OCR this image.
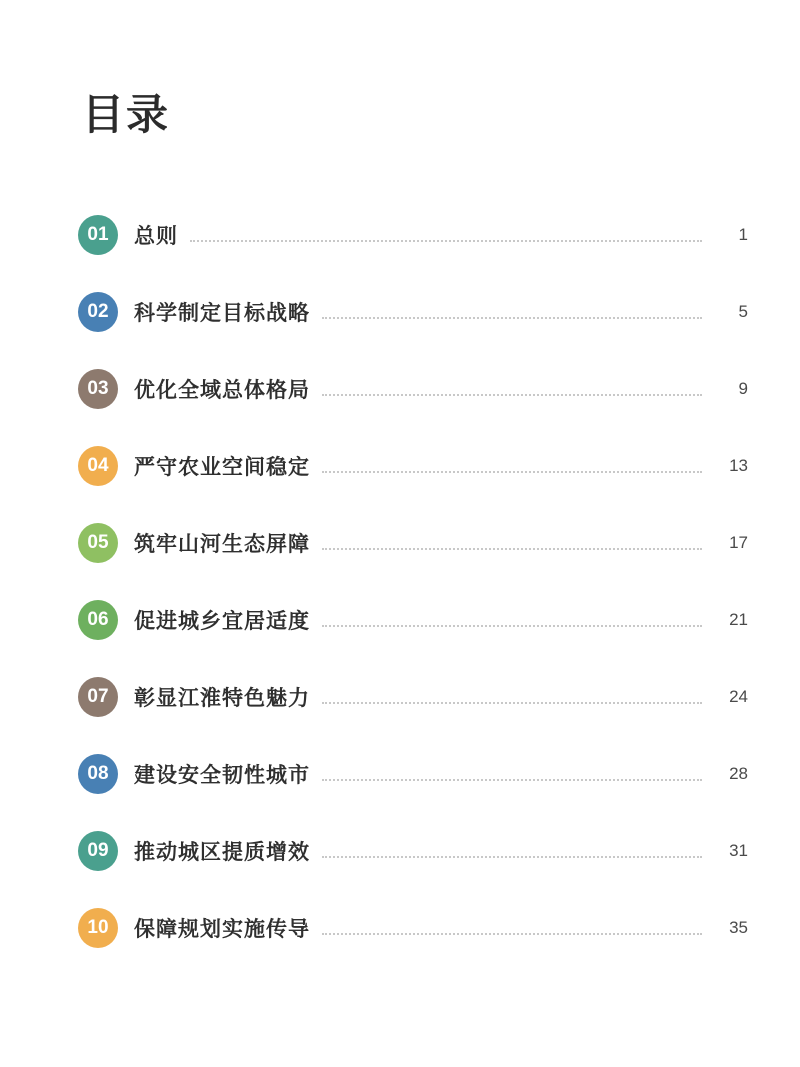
目录
01	总则	1
02	科学制定目标战略	5
03	优化全域总体格局	9
04	严守农业空间稳定	13
05	筑牢山河生态屏障	17
06	促进城乡宜居适度	21
07	彰显江淮特色魅力	24
08	建设安全韧性城市	28
09	推动城区提质增效	31
10	保障规划实施传导	35
